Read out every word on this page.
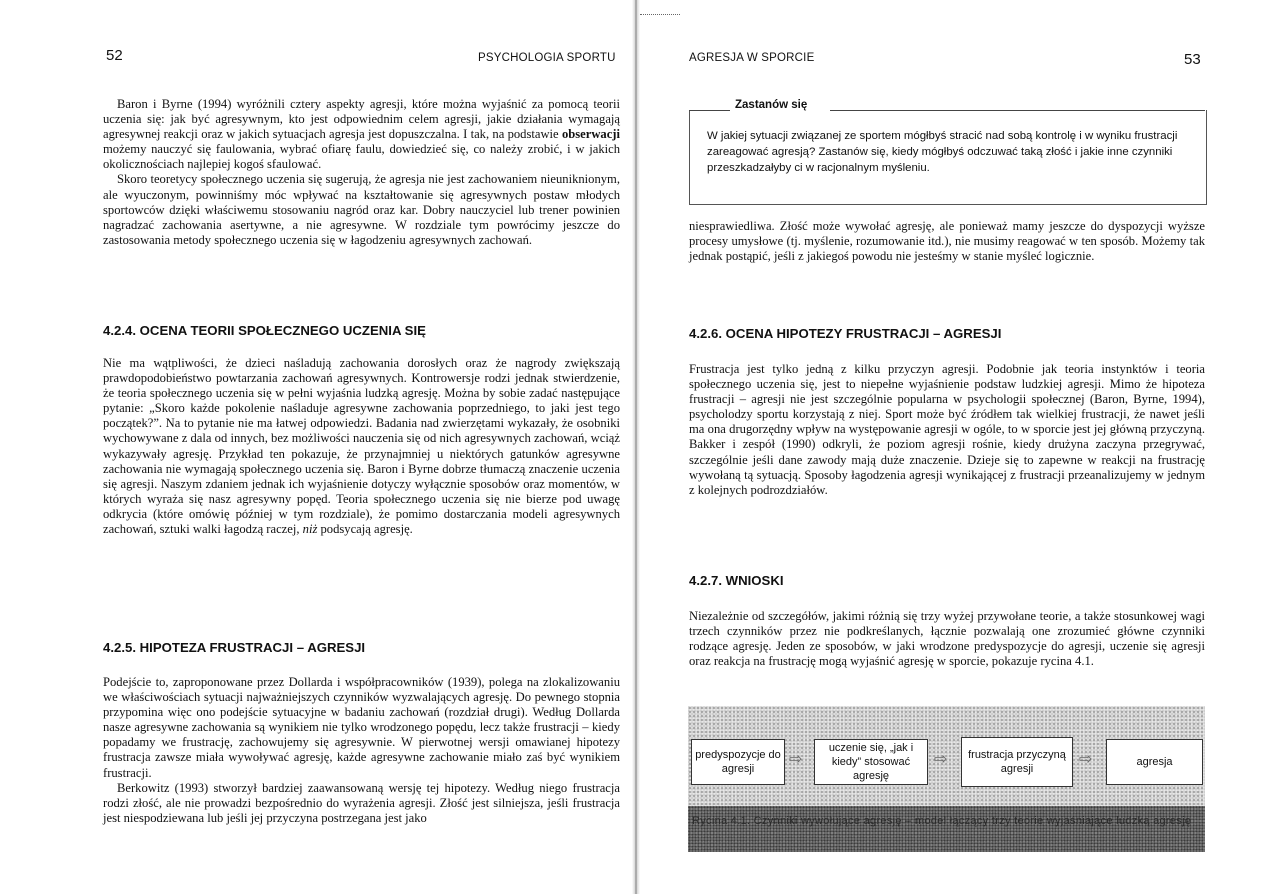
52	PSYCHOLOGIA SPORTU

Baron i Byrne (1994) wyróżnili cztery aspekty agresji, które można wyjaśnić za pomocą teorii uczenia się: jak być agresywnym, kto jest odpowiednim celem agresji, jakie działania wymagają agresywnej reakcji oraz w jakich sytuacjach agresja jest dopuszczalna. I tak, na podstawie obserwacji możemy nauczyć się faulowania, wybrać ofiarę faulu, dowiedzieć się, co należy zrobić, i w jakich okolicznościach najlepiej kogoś sfaulować.

Skoro teoretycy społecznego uczenia się sugerują, że agresja nie jest zachowaniem nieuniknionym, ale wyuczonym, powinniśmy móc wpływać na kształtowanie się agresywnych postaw młodych sportowców dzięki właściwemu stosowaniu nagród oraz kar. Dobry nauczyciel lub trener powinien nagradzać zachowania asertywne, a nie agresywne. W rozdziale tym powrócimy jeszcze do zastosowania metody społecznego uczenia się w łagodzeniu agresywnych zachowań.

4.2.4. OCENA TEORII SPOŁECZNEGO UCZENIA SIĘ

Nie ma wątpliwości, że dzieci naśladują zachowania dorosłych oraz że nagrody zwiększają prawdopodobieństwo powtarzania zachowań agresywnych. Kontrowersje rodzi jednak stwierdzenie, że teoria społecznego uczenia się w pełni wyjaśnia ludzką agresję. Można by sobie zadać następujące pytanie: „Skoro każde pokolenie naśladuje agresywne zachowania poprzedniego, to jaki jest tego początek?”. Na to pytanie nie ma łatwej odpowiedzi. Badania nad zwierzętami wykazały, że osobniki wychowywane z dala od innych, bez możliwości nauczenia się od nich agresywnych zachowań, wciąż wykazywały agresję. Przykład ten pokazuje, że przynajmniej u niektórych gatunków agresywne zachowania nie wymagają społecznego uczenia się. Baron i Byrne dobrze tłumaczą znaczenie uczenia się agresji. Naszym zdaniem jednak ich wyjaśnienie dotyczy wyłącznie sposobów oraz momentów, w których wyraża się nasz agresywny popęd. Teoria społecznego uczenia się nie bierze pod uwagę odkrycia (które omówię później w tym rozdziale), że pomimo dostarczania modeli agresywnych zachowań, sztuki walki łagodzą raczej, niż podsycają agresję.

4.2.5. HIPOTEZA FRUSTRACJI – AGRESJI

Podejście to, zaproponowane przez Dollarda i współpracowników (1939), polega na zlokalizowaniu we właściwościach sytuacji najważniejszych czynników wyzwalających agresję. Do pewnego stopnia przypomina więc ono podejście sytuacyjne w badaniu zachowań (rozdział drugi). Według Dollarda nasze agresywne zachowania są wynikiem nie tylko wrodzonego popędu, lecz także frustracji – kiedy popadamy we frustrację, zachowujemy się agresywnie. W pierwotnej wersji omawianej hipotezy frustracja zawsze miała wywoływać agresję, każde agresywne zachowanie miało zaś być wynikiem frustracji.

Berkowitz (1993) stworzył bardziej zaawansowaną wersję tej hipotezy. Według niego frustracja rodzi złość, ale nie prowadzi bezpośrednio do wyrażenia agresji. Złość jest silniejsza, jeśli frustracja jest niespodziewana lub jeśli jej przyczyna postrzegana jest jako

AGRESJA W SPORCIE	53
Zastanów się

W jakiej sytuacji związanej ze sportem mógłbyś stracić nad sobą kontrolę i w wyniku frustracji zareagować agresją? Zastanów się, kiedy mógłbyś odczuwać taką złość i jakie inne czynniki przeszkadzałyby ci w racjonalnym myśleniu.

niesprawiedliwa. Złość może wywołać agresję, ale ponieważ mamy jeszcze do dyspozycji wyższe procesy umysłowe (tj. myślenie, rozumowanie itd.), nie musimy reagować w ten sposób. Możemy tak jednak postąpić, jeśli z jakiegoś powodu nie jesteśmy w stanie myśleć logicznie.

4.2.6. OCENA HIPOTEZY FRUSTRACJI – AGRESJI

Frustracja jest tylko jedną z kilku przyczyn agresji. Podobnie jak teoria instynktów i teoria społecznego uczenia się, jest to niepełne wyjaśnienie podstaw ludzkiej agresji. Mimo że hipoteza frustracji – agresji nie jest szczególnie popularna w psychologii społecznej (Baron, Byrne, 1994), psycholodzy sportu korzystają z niej. Sport może być źródłem tak wielkiej frustracji, że nawet jeśli ma ona drugorzędny wpływ na występowanie agresji w ogóle, to w sporcie jest jej główną przyczyną. Bakker i zespół (1990) odkryli, że poziom agresji rośnie, kiedy drużyna zaczyna przegrywać, szczególnie jeśli dane zawody mają duże znaczenie. Dzieje się to zapewne w reakcji na frustrację wywołaną tą sytuacją. Sposoby łagodzenia agresji wynikającej z frustracji przeanalizujemy w jednym z kolejnych podrozdziałów.

4.2.7. WNIOSKI

Niezależnie od szczegółów, jakimi różnią się trzy wyżej przywołane teorie, a także stosunkowej wagi trzech czynników przez nie podkreślanych, łącznie pozwalają one zrozumieć główne czynniki rodzące agresję. Jeden ze sposobów, w jaki wrodzone predyspozycje do agresji, uczenie się agresji oraz reakcja na frustrację mogą wyjaśnić agresję w sporcie, pokazuje rycina 4.1.

predyspozycje do agresji
⇨
uczenie się, „jak i kiedy” stosować agresję
⇨	frustracja przyczyną agresji
⇨	agresja
Rycina 4.1. Czynniki wywołujące agresję – model łączący trzy teorie wyjaśniające ludzką agresję
